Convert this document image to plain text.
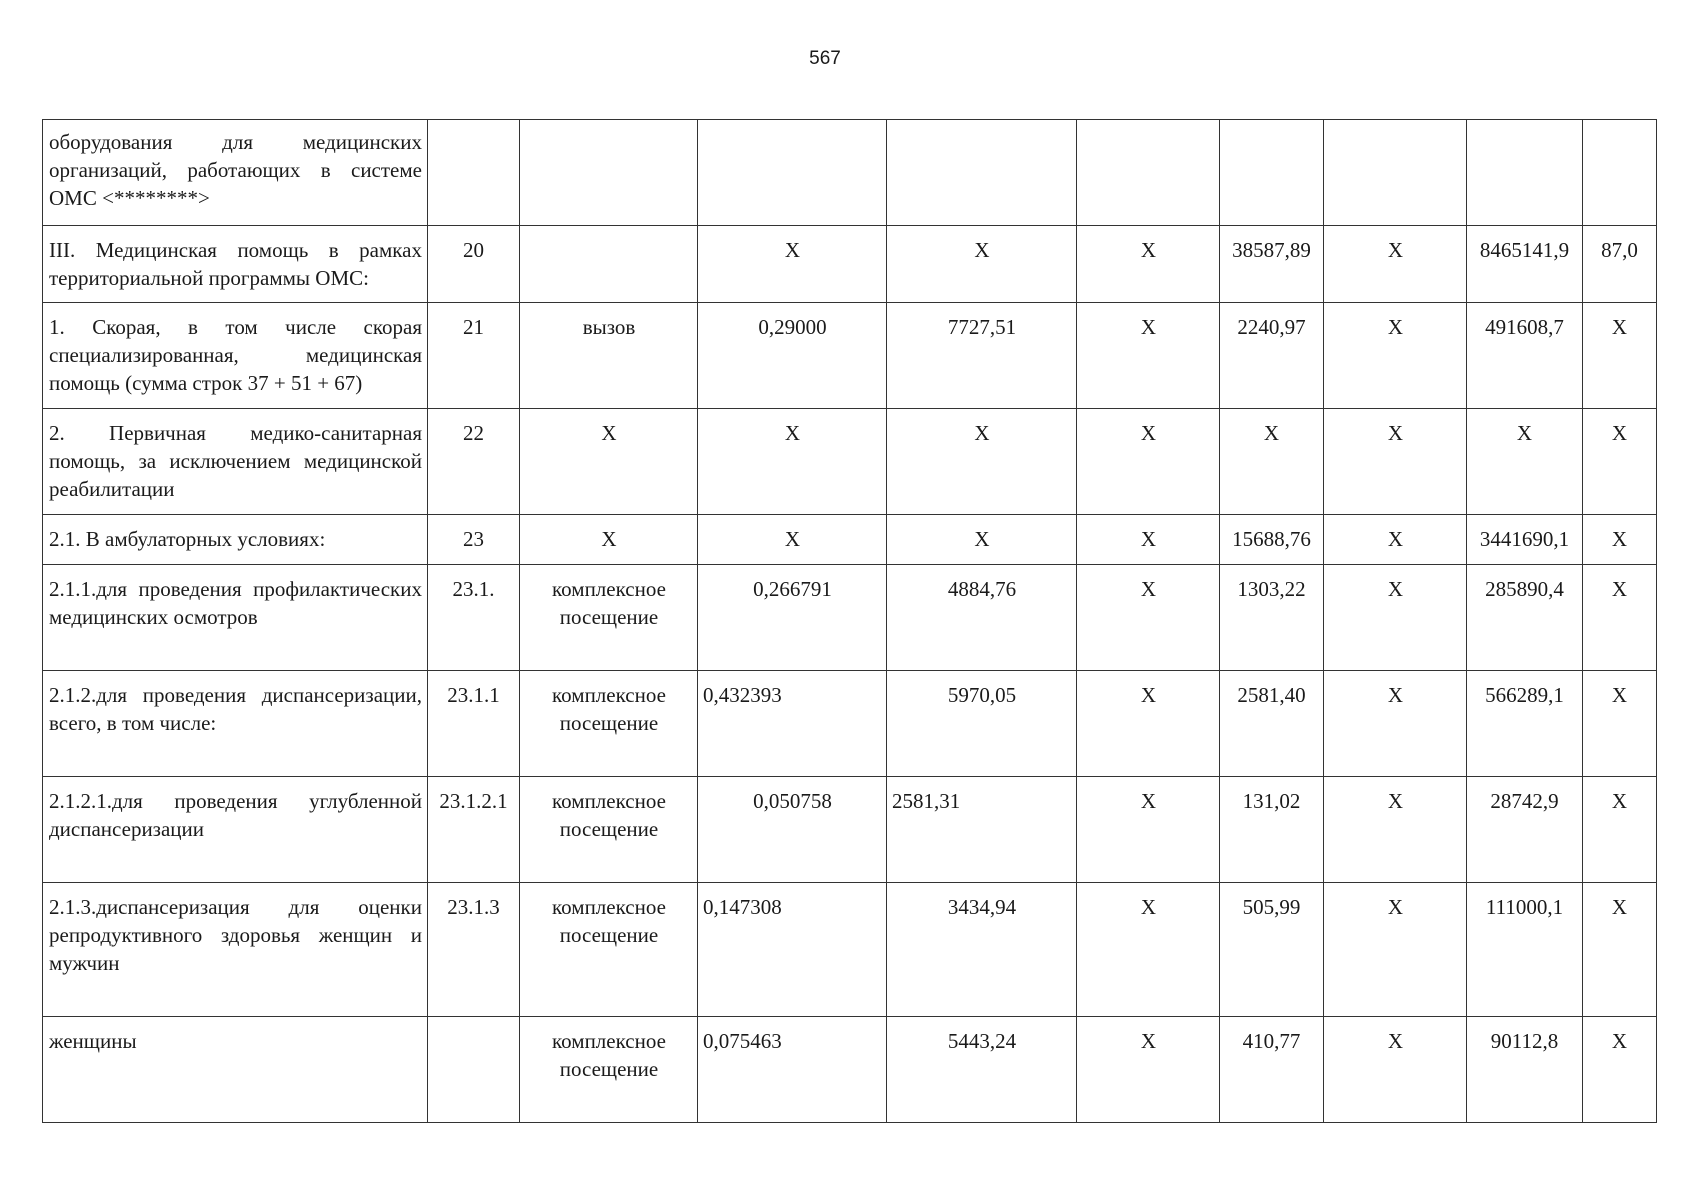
567
оборудования для медицинских организаций, работающих в системе ОМС <********>									
III. Медицинская помощь в рамках территориальной программы ОМС:	20		X	X	X	38587,89	X	8465141,9	87,0
1. Скорая, в том числе скорая специализированная, медицинская помощь (сумма строк 37 + 51 + 67)	21	вызов	0,29000	7727,51	X	2240,97	X	491608,7	X
2. Первичная медико-санитарная помощь, за исключением медицинской реабилитации	22	X	X	X	X	X	X	X	X
2.1. В амбулаторных условиях:	23	X	X	X	X	15688,76	X	3441690,1	X
2.1.1.для проведения профилактических медицинских осмотров	23.1.	комплексное посещение	0,266791	4884,76	X	1303,22	X	285890,4	X
2.1.2.для проведения диспансеризации, всего, в том числе:	23.1.1	комплексное посещение	0,432393	5970,05	X	2581,40	X	566289,1	X
2.1.2.1.для проведения углубленной диспансеризации	23.1.2.1	комплексное посещение	0,050758	2581,31	X	131,02	X	28742,9	X
2.1.3.диспансеризация для оценки репродуктивного здоровья женщин и мужчин	23.1.3	комплексное посещение	0,147308	3434,94	X	505,99	X	111000,1	X
женщины		комплексное посещение	0,075463	5443,24	X	410,77	X	90112,8	X
